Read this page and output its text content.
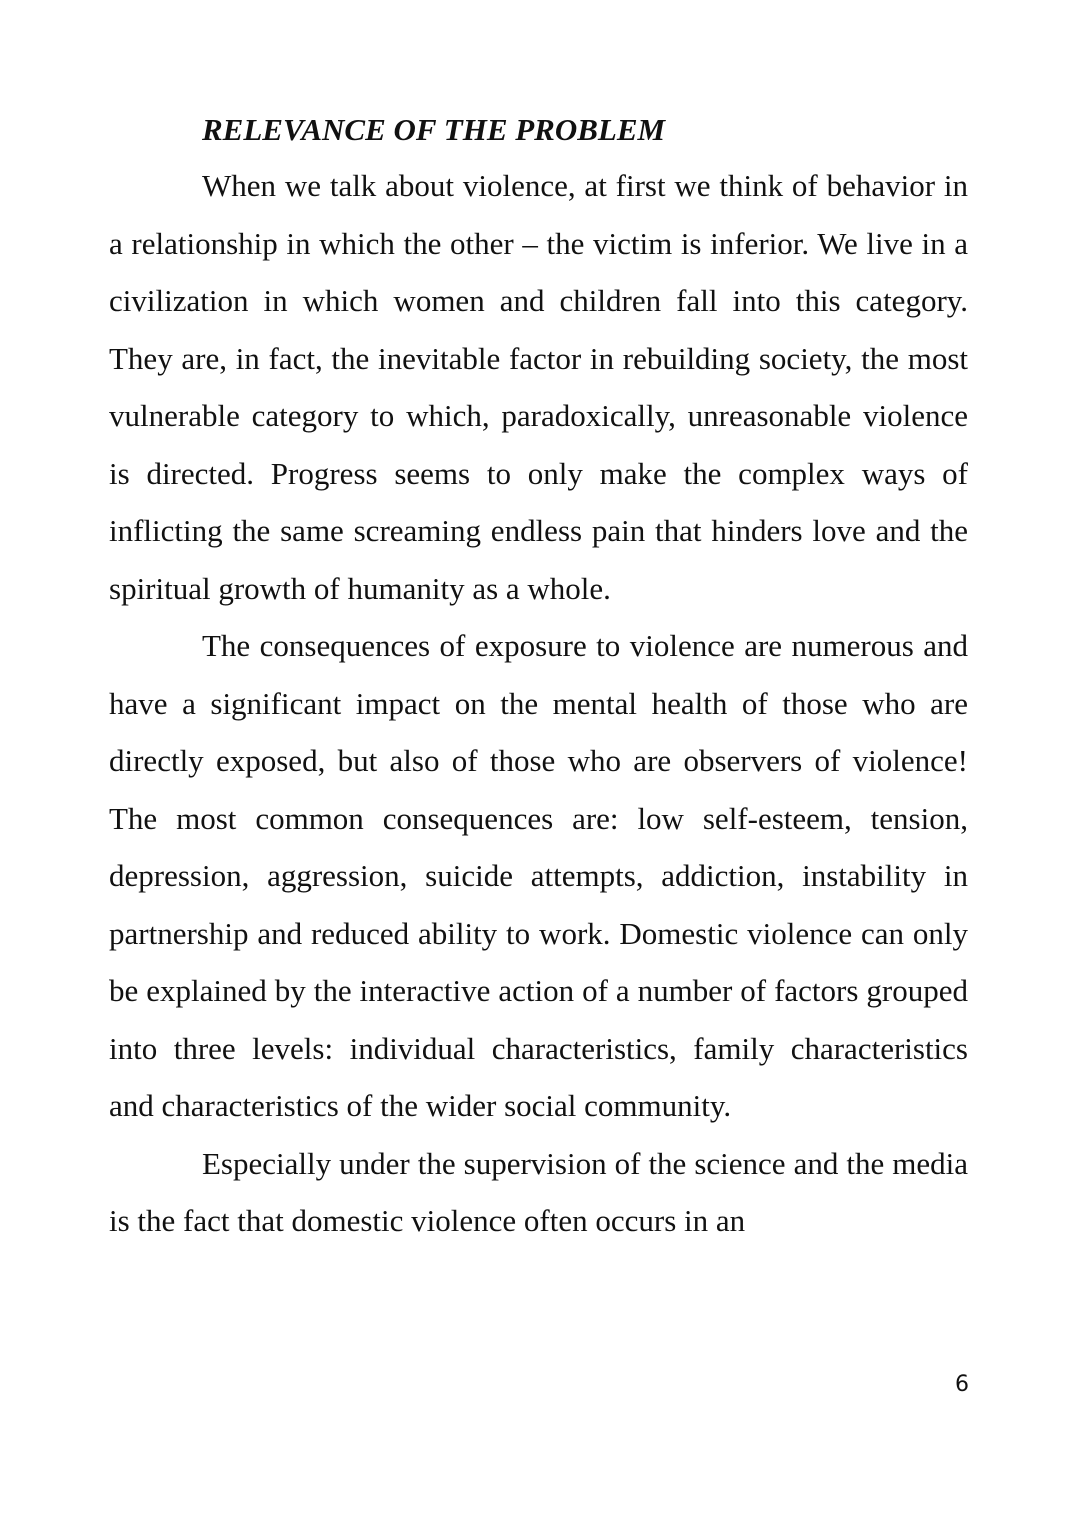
RELEVANCE OF THE PROBLEM

When we talk about violence, at first we think of behavior in a relationship in which the other – the victim is inferior. We live in a civilization in which women and children fall into this category. They are, in fact, the inevitable factor in rebuilding society, the most vulnerable category to which, paradoxically, unreasonable violence is directed. Progress seems to only make the complex ways of inflicting the same screaming endless pain that hinders love and the spiritual growth of humanity as a whole.

The consequences of exposure to violence are numerous and have a significant impact on the mental health of those who are directly exposed, but also of those who are observers of violence! The most common consequences are: low self-esteem, tension, depression, aggression, suicide attempts, addiction, instability in partnership and reduced ability to work. Domestic violence can only be explained by the interactive action of a number of factors grouped into three levels: individual characteristics, family characteristics and characteristics of the wider social community.

Especially under the supervision of the science and the media is the fact that domestic violence often occurs in an

6
